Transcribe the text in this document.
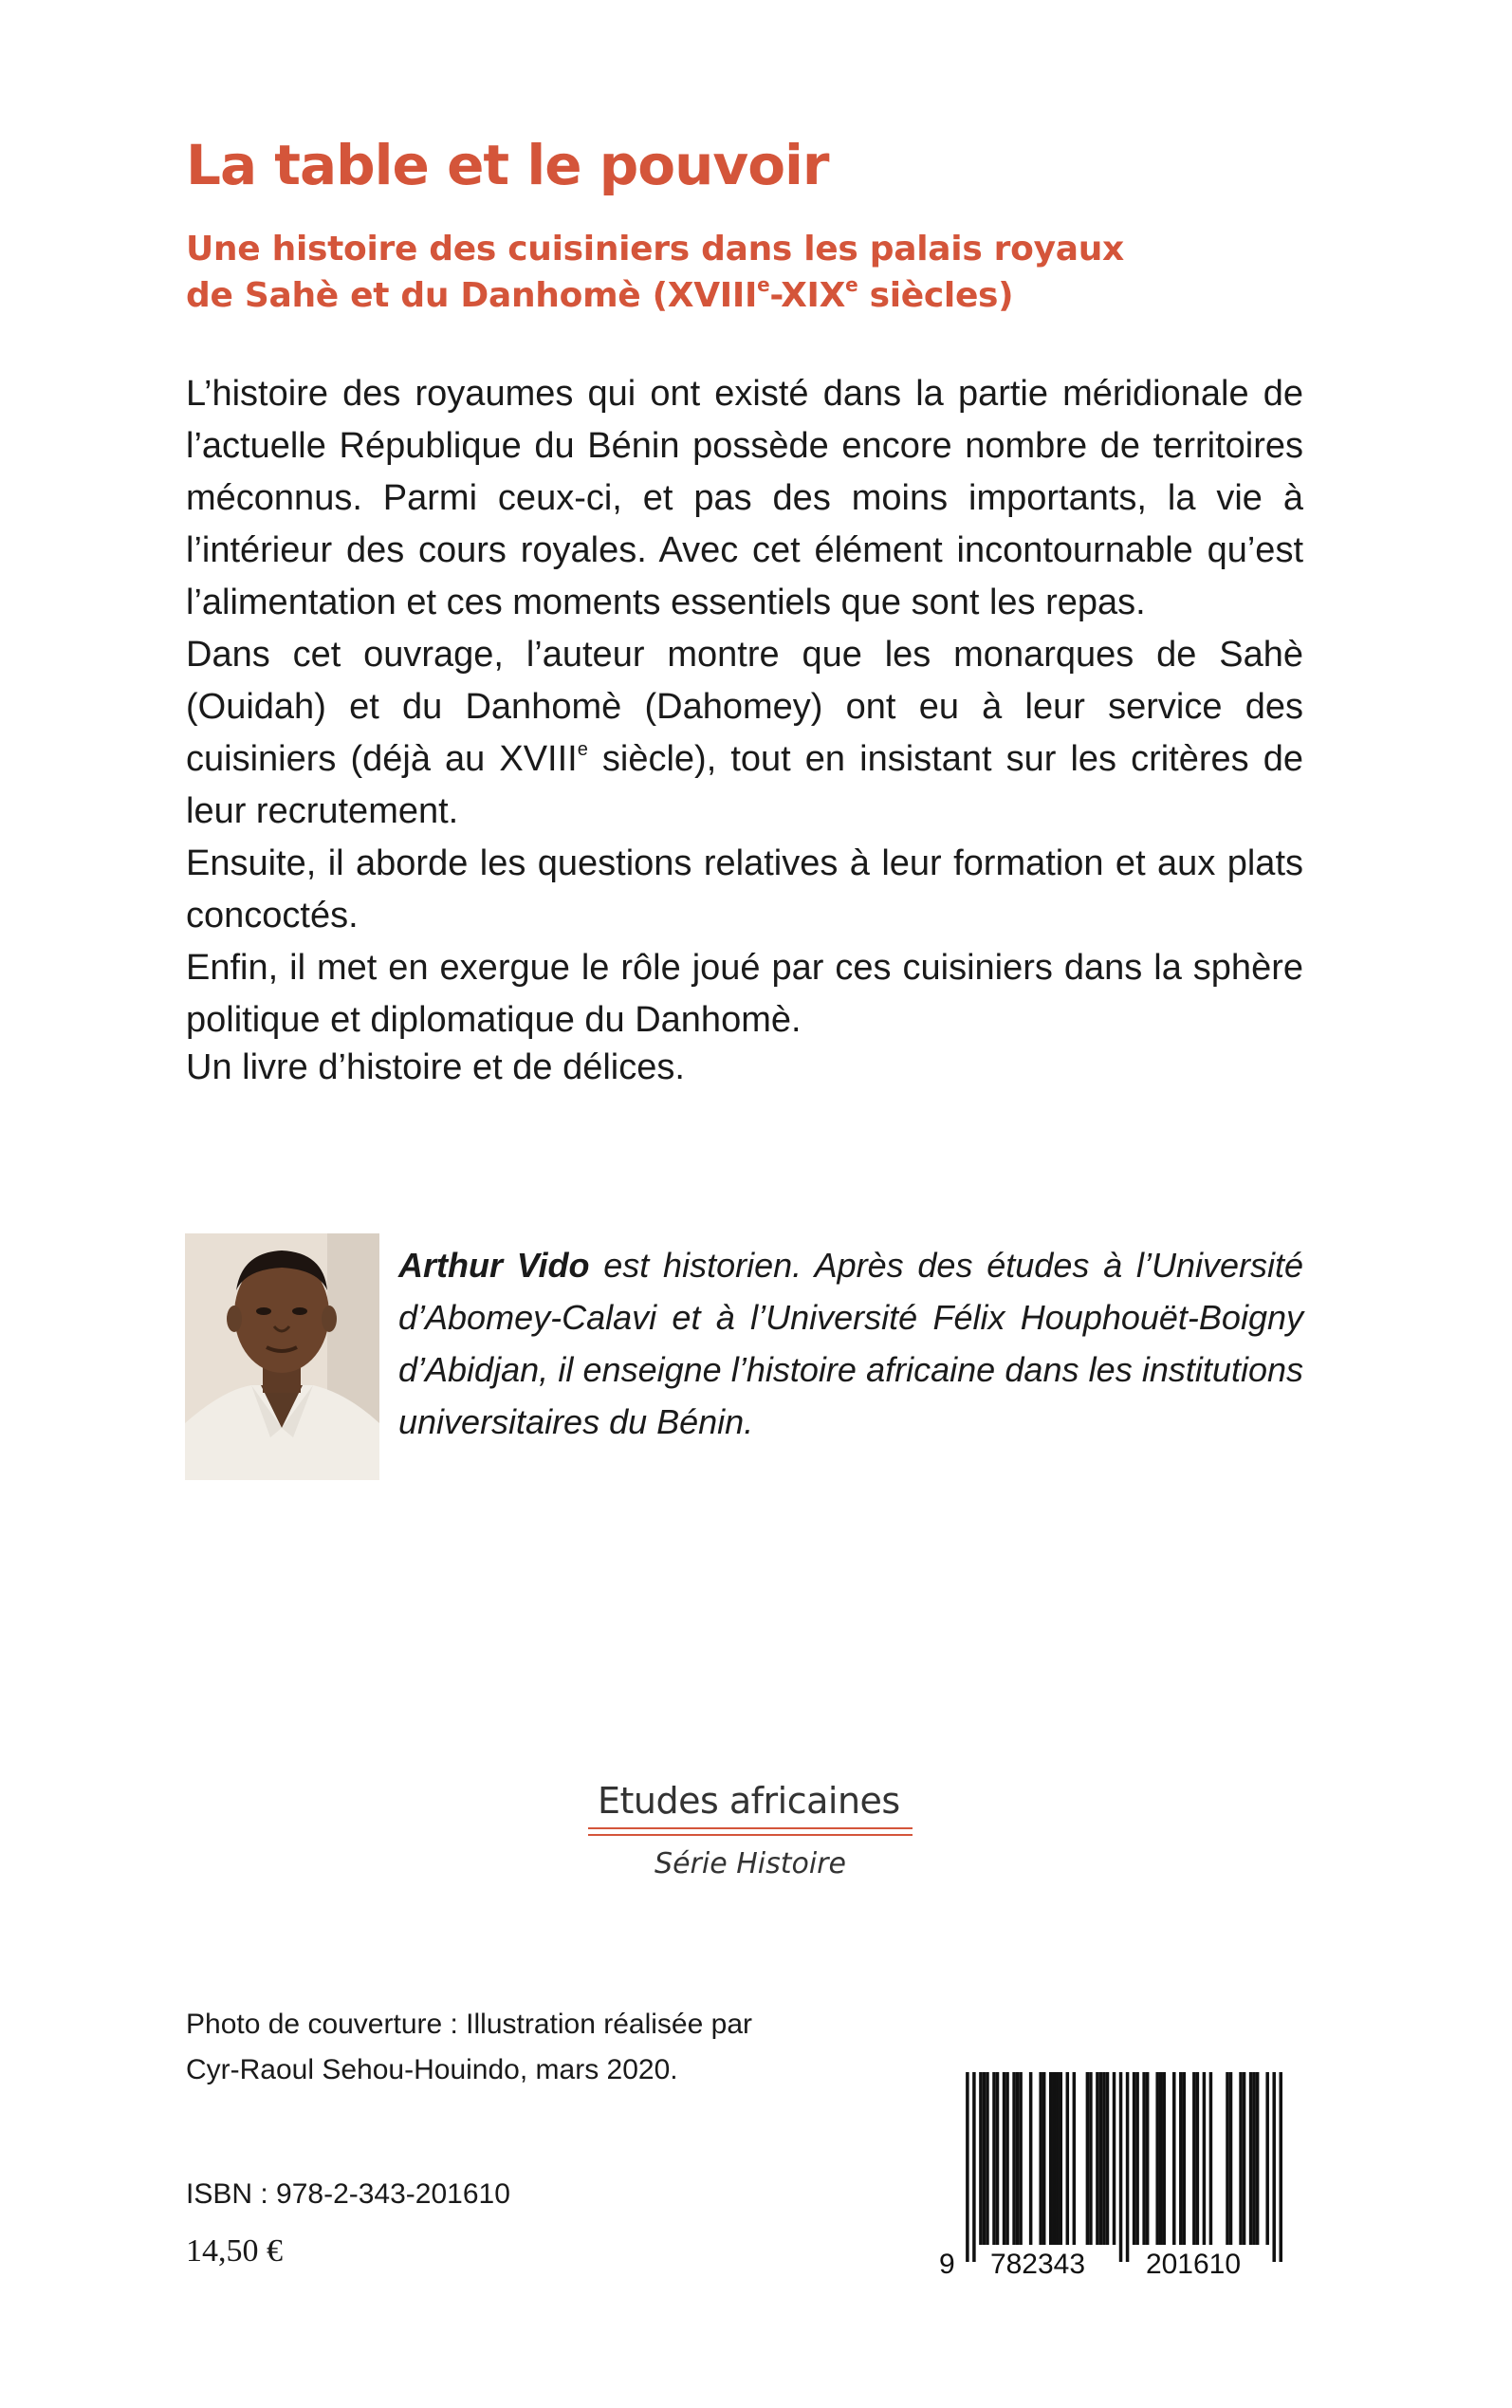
La table et le pouvoir
Une histoire des cuisiniers dans les palais royaux
de Sahè et du Danhomè (XVIIIe-XIXe siècles)

L’histoire des royaumes qui ont existé dans la partie méridionale de l’actuelle République du Bénin possède encore nombre de territoires méconnus. Parmi ceux-ci, et pas des moins importants, la vie à l’intérieur des cours royales. Avec cet élément incontournable qu’est l’alimentation et ces moments essentiels que sont les repas.

Dans cet ouvrage, l’auteur montre que les monarques de Sahè (Ouidah) et du Danhomè (Dahomey) ont eu à leur service des cuisiniers (déjà au XVIIIe siècle), tout en insistant sur les critères de leur recrutement.

Ensuite, il aborde les questions relatives à leur formation et aux plats concoctés.

Enfin, il met en exergue le rôle joué par ces cuisiniers dans la sphère politique et diplomatique du Danhomè.

Un livre d’histoire et de délices.

Arthur Vido est historien. Après des études à l’Université d’Abomey-Calavi et à l’Université Félix Houphouët-Boigny d’Abidjan, il enseigne l’histoire africaine dans les institutions universitaires du Bénin.

Etudes africaines
Série Histoire

Photo de couverture : Illustration réalisée par
Cyr-Raoul Sehou-Houindo, mars 2020.

ISBN : 978-2-343-201610

14,50 €	9 782343 201610
